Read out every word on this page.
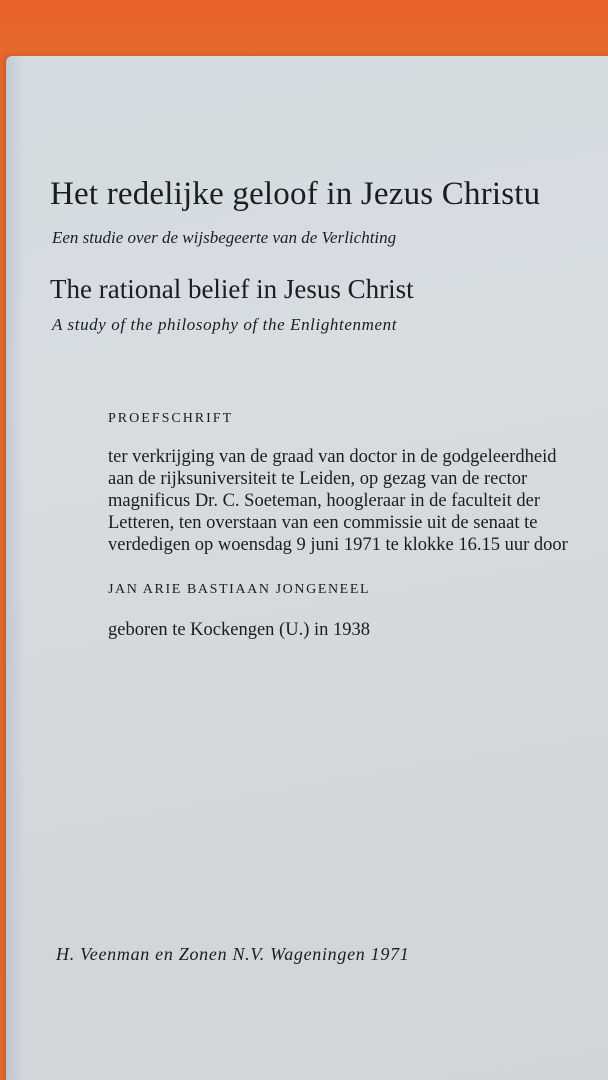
Het redelijke geloof in Jezus Christu

Een studie over de wijsbegeerte van de Verlichting

The rational belief in Jesus Christ

A study of the philosophy of the Enlightenment

PROEFSCHRIFT

ter verkrijging van de graad van doctor in de godgeleerdheid
aan de rijksuniversiteit te Leiden, op gezag van de rector
magnificus Dr. C. Soeteman, hoogleraar in de faculteit der
Letteren, ten overstaan van een commissie uit de senaat te
verdedigen op woensdag 9 juni 1971 te klokke 16.15 uur door

JAN ARIE BASTIAAN JONGENEEL

geboren te Kockengen (U.) in 1938

H. Veenman en Zonen N.V. Wageningen 1971
